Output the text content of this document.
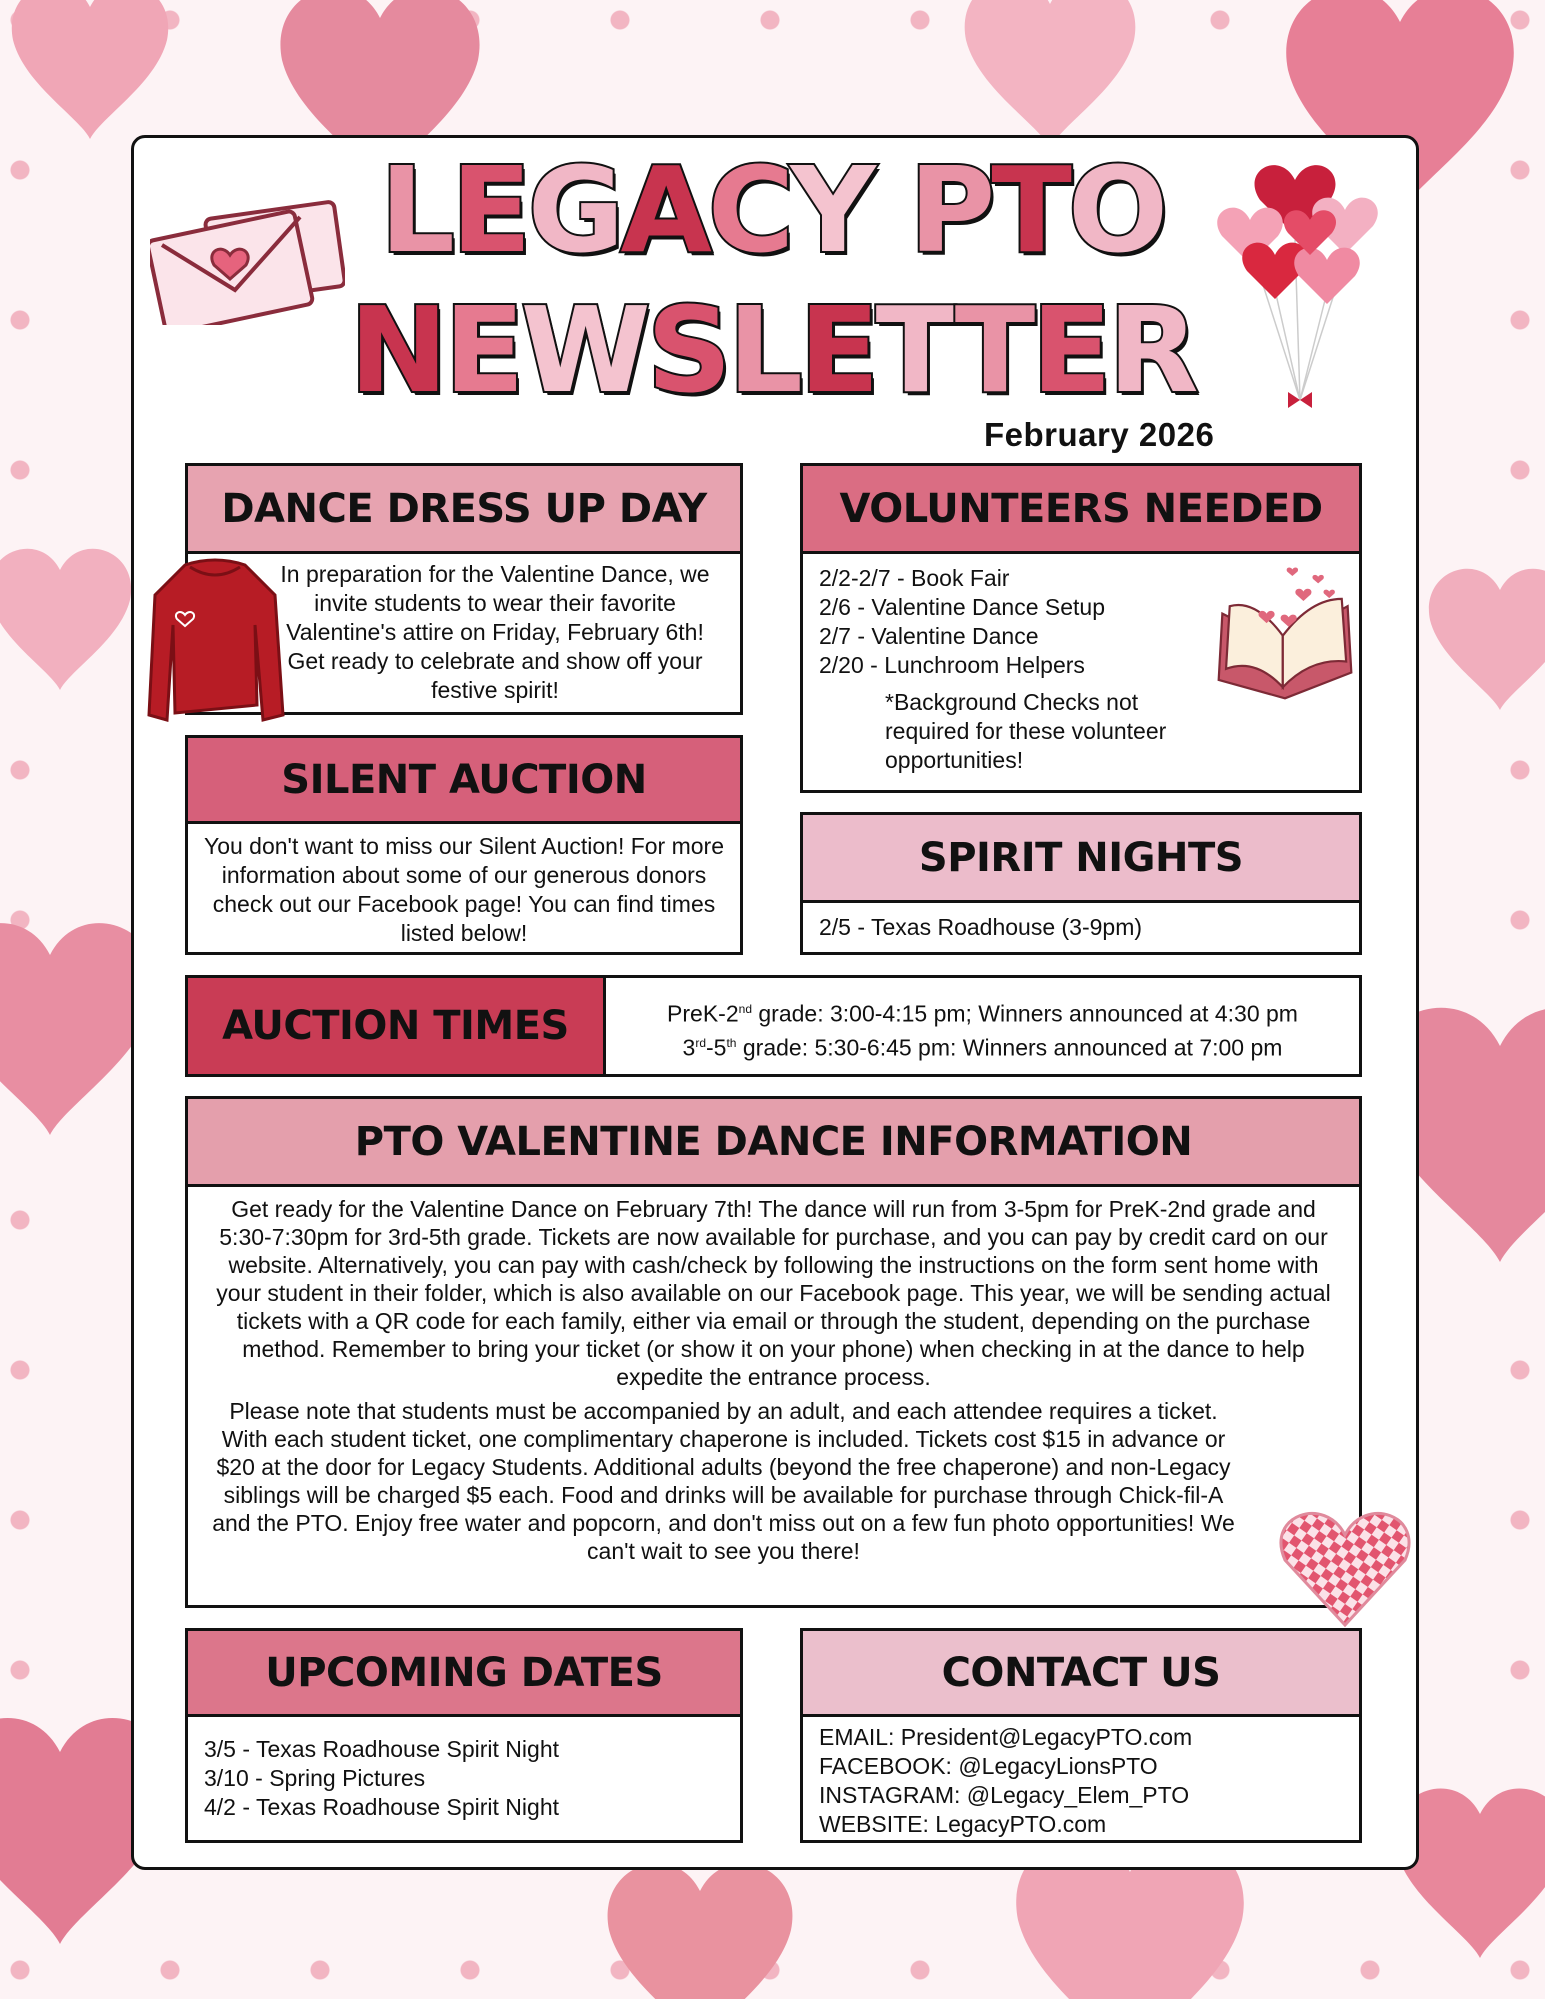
LEGACY PTO
NEWSLETTER
February 2026
DANCE DRESS UP DAY
In preparation for the Valentine Dance, we invite students to wear their favorite Valentine's attire on Friday, February 6th! Get ready to celebrate and show off your festive spirit!
VOLUNTEERS NEEDED
2/2-2/7 - Book Fair
2/6 - Valentine Dance Setup
2/7 - Valentine Dance
2/20 - Lunchroom Helpers
*Background Checks not required for these volunteer opportunities!
SILENT AUCTION
You don't want to miss our Silent Auction! For more information about some of our generous donors check out our Facebook page! You can find times listed below!
SPIRIT NIGHTS
2/5 - Texas Roadhouse (3-9pm)
AUCTION TIMES	PreK-2nd grade: 3:00-4:15 pm; Winners announced at 4:30 pm
3rd-5th grade: 5:30-6:45 pm: Winners announced at 7:00 pm
PTO VALENTINE DANCE INFORMATION

Get ready for the Valentine Dance on February 7th! The dance will run from 3-5pm for PreK-2nd grade and 5:30-7:30pm for 3rd-5th grade. Tickets are now available for purchase, and you can pay by credit card on our website. Alternatively, you can pay with cash/check by following the instructions on the form sent home with your student in their folder, which is also available on our Facebook page. This year, we will be sending actual tickets with a QR code for each family, either via email or through the student, depending on the purchase method. Remember to bring your ticket (or show it on your phone) when checking in at the dance to help expedite the entrance process.

Please note that students must be accompanied by an adult, and each attendee requires a ticket. With each student ticket, one complimentary chaperone is included. Tickets cost $15 in advance or $20 at the door for Legacy Students. Additional adults (beyond the free chaperone) and non-Legacy siblings will be charged $5 each. Food and drinks will be available for purchase through Chick-fil-A and the PTO. Enjoy free water and popcorn, and don't miss out on a few fun photo opportunities! We can't wait to see you there!

UPCOMING DATES
3/5 - Texas Roadhouse Spirit Night
3/10 - Spring Pictures
4/2 - Texas Roadhouse Spirit Night
CONTACT US
EMAIL: President@LegacyPTO.com
FACEBOOK: @LegacyLionsPTO
INSTAGRAM: @Legacy_Elem_PTO
WEBSITE: LegacyPTO.com
